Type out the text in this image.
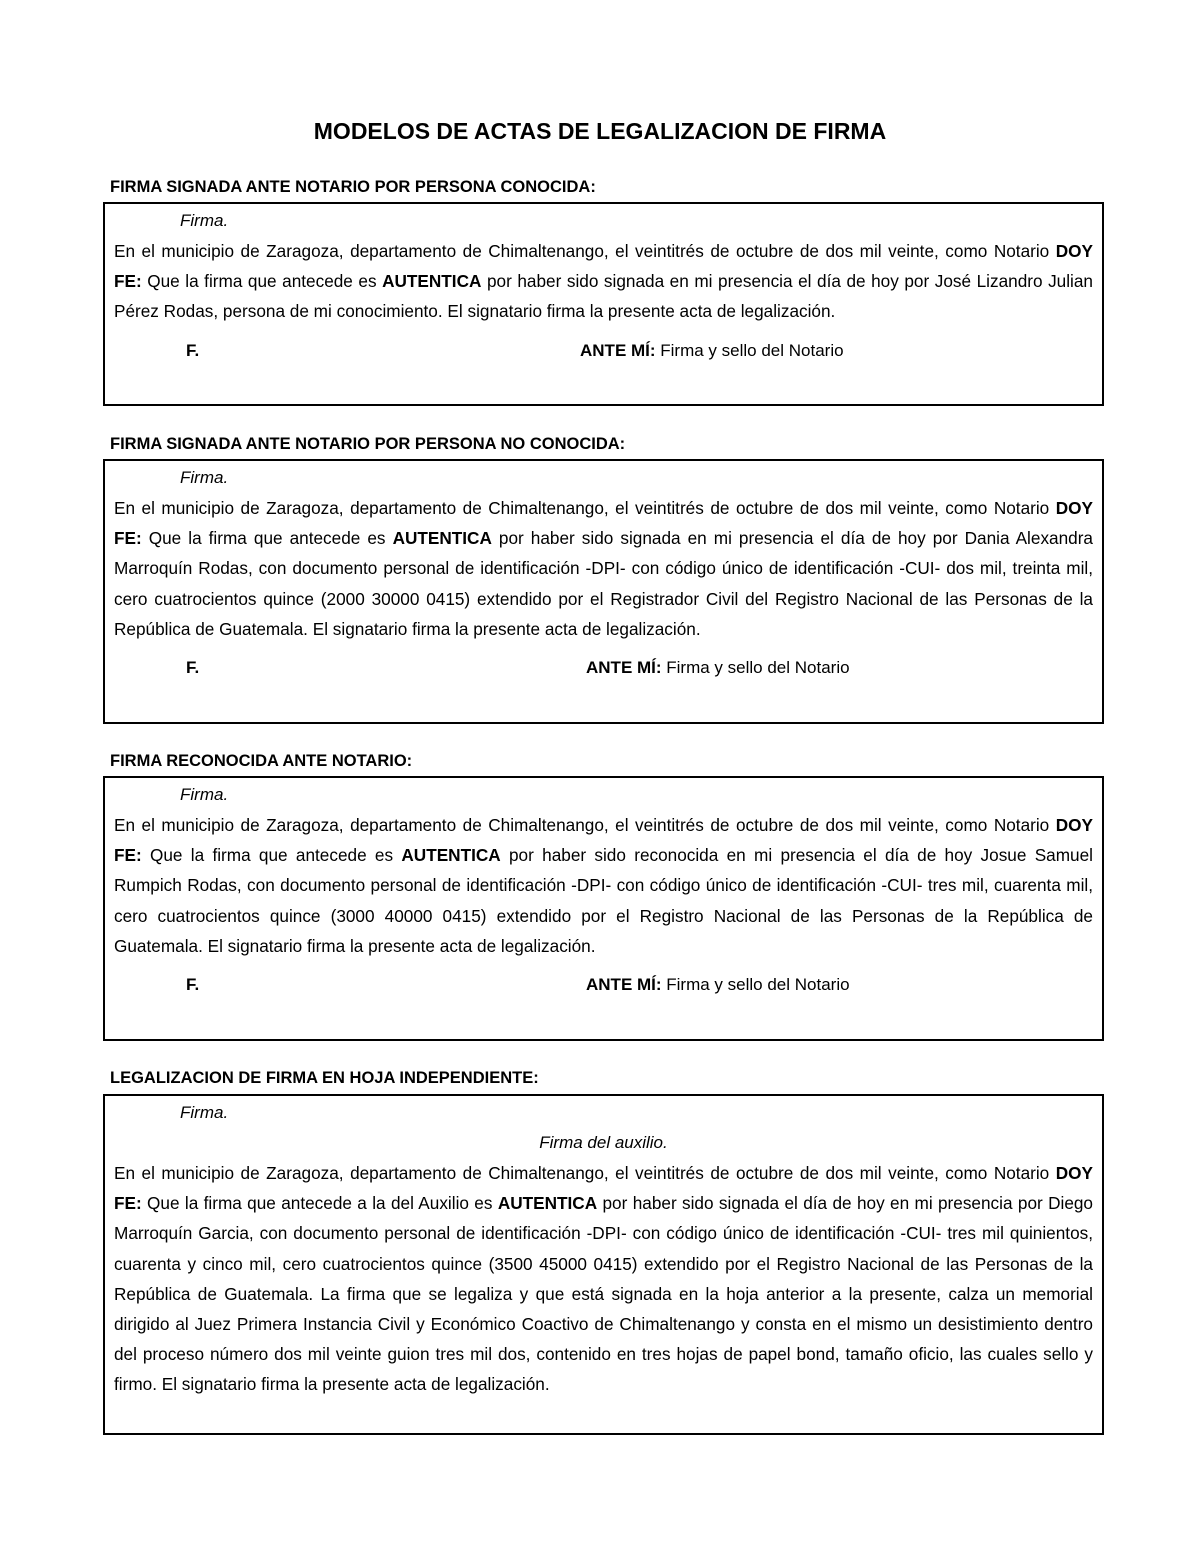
MODELOS DE ACTAS DE LEGALIZACION DE FIRMA
FIRMA SIGNADA ANTE NOTARIO POR PERSONA CONOCIDA:
Firma.

En el municipio de Zaragoza, departamento de Chimaltenango, el veintitrés de octubre de dos mil veinte, como Notario DOY FE: Que la firma que antecede es AUTENTICA por haber sido signada en mi presencia el día de hoy por José Lizandro Julian Pérez Rodas, persona de mi conocimiento. El signatario firma la presente acta de legalización.

F.	ANTE MÍ: Firma y sello del Notario
FIRMA SIGNADA ANTE NOTARIO POR PERSONA NO CONOCIDA:
Firma.

En el municipio de Zaragoza, departamento de Chimaltenango, el veintitrés de octubre de dos mil veinte, como Notario DOY FE: Que la firma que antecede es AUTENTICA por haber sido signada en mi presencia el día de hoy por Dania Alexandra Marroquín Rodas, con documento personal de identificación -DPI- con código único de identificación -CUI- dos mil, treinta mil, cero cuatrocientos quince (2000 30000 0415) extendido por el Registrador Civil del Registro Nacional de las Personas de la República de Guatemala. El signatario firma la presente acta de legalización.

F.	ANTE MÍ: Firma y sello del Notario
FIRMA RECONOCIDA ANTE NOTARIO:
Firma.

En el municipio de Zaragoza, departamento de Chimaltenango, el veintitrés de octubre de dos mil veinte, como Notario DOY FE: Que la firma que antecede es AUTENTICA por haber sido reconocida en mi presencia el día de hoy Josue Samuel Rumpich Rodas, con documento personal de identificación -DPI- con código único de identificación -CUI- tres mil, cuarenta mil, cero cuatrocientos quince (3000 40000 0415) extendido por el Registro Nacional de las Personas de la República de Guatemala. El signatario firma la presente acta de legalización.

F.	ANTE MÍ: Firma y sello del Notario
LEGALIZACION DE FIRMA EN HOJA INDEPENDIENTE:
Firma.
Firma del auxilio.

En el municipio de Zaragoza, departamento de Chimaltenango, el veintitrés de octubre de dos mil veinte, como Notario DOY FE: Que la firma que antecede a la del Auxilio es AUTENTICA por haber sido signada el día de hoy en mi presencia por Diego Marroquín Garcia, con documento personal de identificación -DPI- con código único de identificación -CUI- tres mil quinientos, cuarenta y cinco mil, cero cuatrocientos quince (3500 45000 0415) extendido por el Registro Nacional de las Personas de la República de Guatemala. La firma que se legaliza y que está signada en la hoja anterior a la presente, calza un memorial dirigido al Juez Primera Instancia Civil y Económico Coactivo de Chimaltenango y consta en el mismo un desistimiento dentro del proceso número dos mil veinte guion tres mil dos, contenido en tres hojas de papel bond, tamaño oficio, las cuales sello y firmo. El signatario firma la presente acta de legalización.
